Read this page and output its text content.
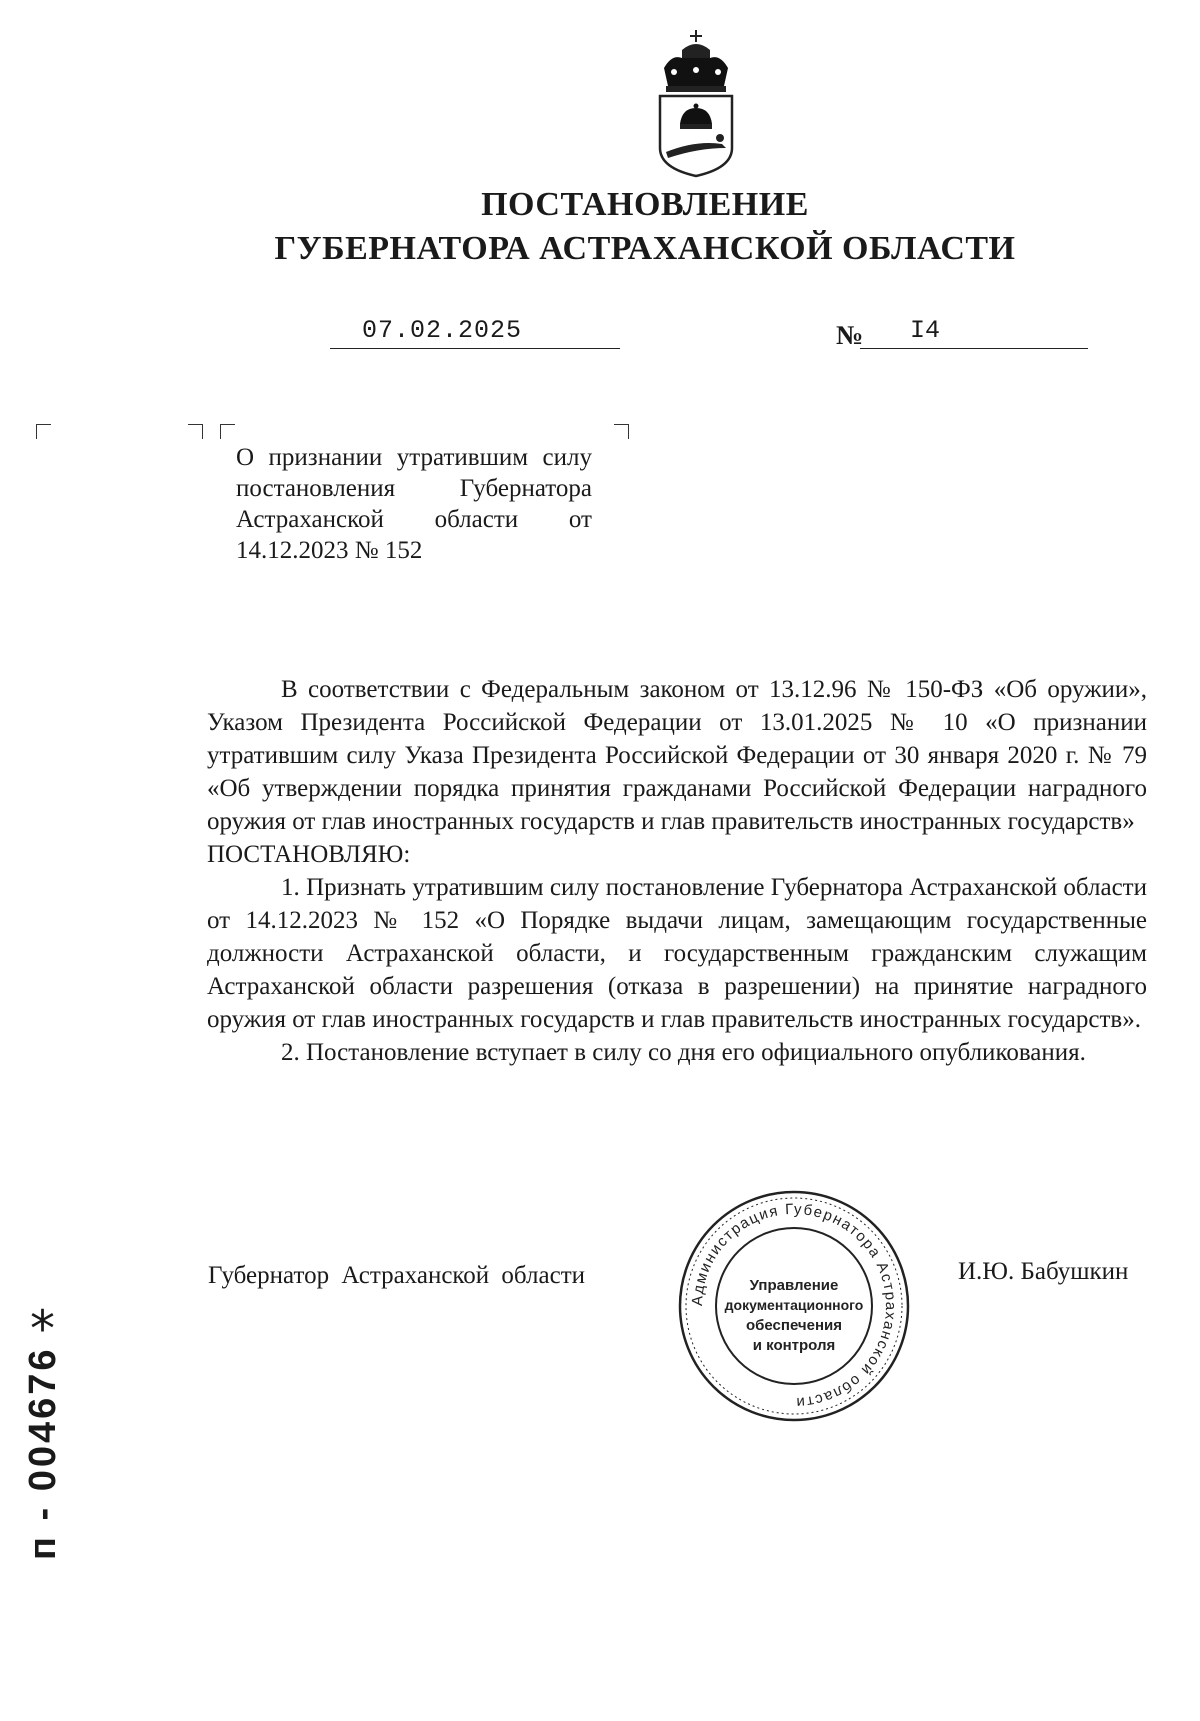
ПОСТАНОВЛЕНИЕ
ГУБЕРНАТОРА АСТРАХАНСКОЙ ОБЛАСТИ
07.02.2025	№ I4
О признании утратившим силу постановления Губернатора Астраханской области от 14.12.2023 № 152

В соответствии с Федеральным законом от 13.12.96 № 150-ФЗ «Об оружии», Указом Президента Российской Федерации от 13.01.2025 № 10 «О признании утратившим силу Указа Президента Российской Федерации от 30 января 2020 г. № 79 «Об утверждении порядка принятия гражданами Российской Федерации наградного оружия от глав иностранных государств и глав правительств иностранных государств»

ПОСТАНОВЛЯЮ:

1. Признать утратившим силу постановление Губернатора Астраханской области от 14.12.2023 № 152 «О Порядке выдачи лицам, замещающим государственные должности Астраханской области, и государственным гражданским служащим Астраханской области разрешения (отказа в разрешении) на принятие наградного оружия от глав иностранных государств и глав правительств иностранных государств».

2. Постановление вступает в силу со дня его официального опубликования.

Губернатор Астраханской области	И.Ю. Бабушкин
Администрация Губернатора Астраханской области
Управление
документационного
обеспечения
и контроля
*
п - 004676
